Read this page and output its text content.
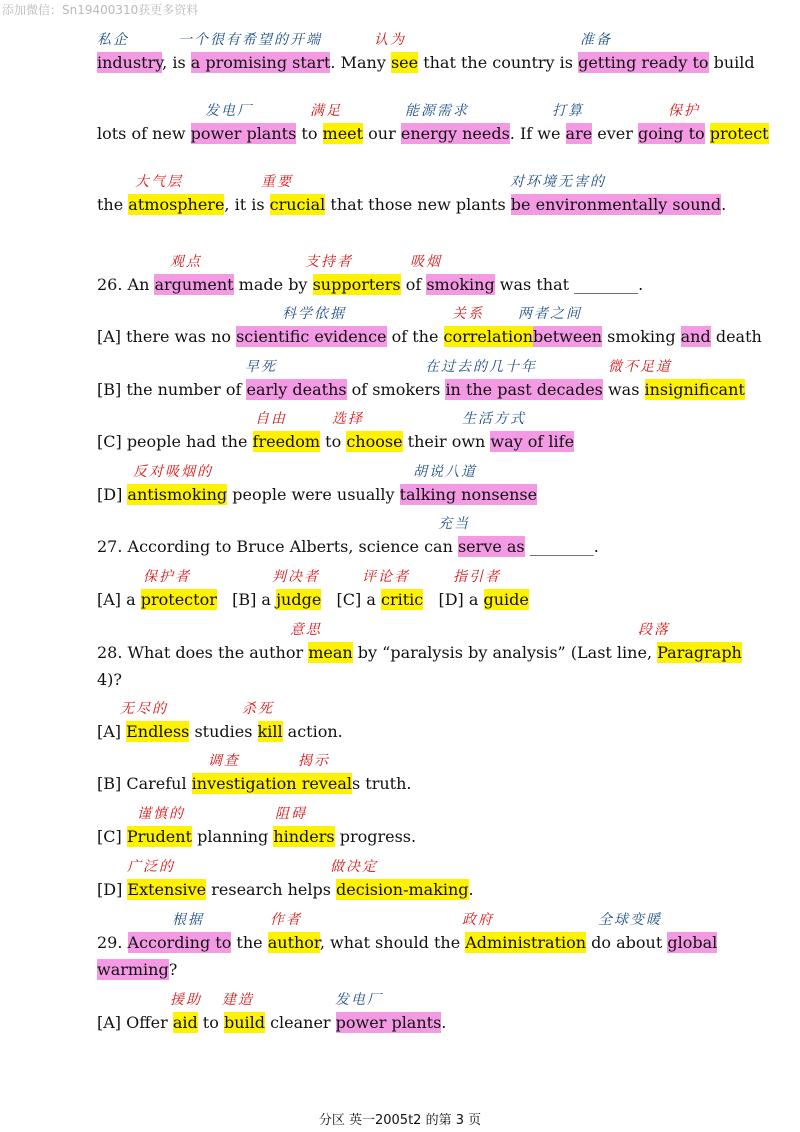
添加微信：Sn19400310获更多资料
私企	一个很有希望的开端	认为	准备
industry, is a promising start. Many see that the country is getting ready to build
发电厂	满足	能源需求	打算	保护
lots of new power plants to meet our energy needs. If we are ever going to protect
大气层	重要	对环境无害的
the atmosphere, it is crucial that those new plants be environmentally sound.
观点	支持者	吸烟
26. An argument made by supporters of smoking was that ________.
科学依据	关系 两者之间
[A] there was no scientific evidence of the correlationbetween smoking and death
早死	在过去的几十年	微不足道
[B] the number of early deaths of smokers in the past decades was insignificant
自由	选择	生活方式
[C] people had the freedom to choose their own way of life
反对吸烟的	胡说八道
[D] antismoking people were usually talking nonsense
充当
27. According to Bruce Alberts, science can serve as ________.
保护者	判决者	评论者	指引者
[A] a protector   [B] a judge   [C] a critic   [D] a guide
意思	段落
28. What does the author mean by “paralysis by analysis” (Last line, Paragraph
4)?
无尽的	杀死
[A] Endless studies kill action.
调查	揭示
[B] Careful investigation reveals truth.
谨慎的	阻碍
[C] Prudent planning hinders progress.
广泛的	做决定
[D] Extensive research helps decision-making.
根据	作者	政府	全球变暖
29. According to the author, what should the Administration do about global
warming?
援助 建造	发电厂
[A] Offer aid to build cleaner power plants.
分区 英一2005t2 的第 3 页
